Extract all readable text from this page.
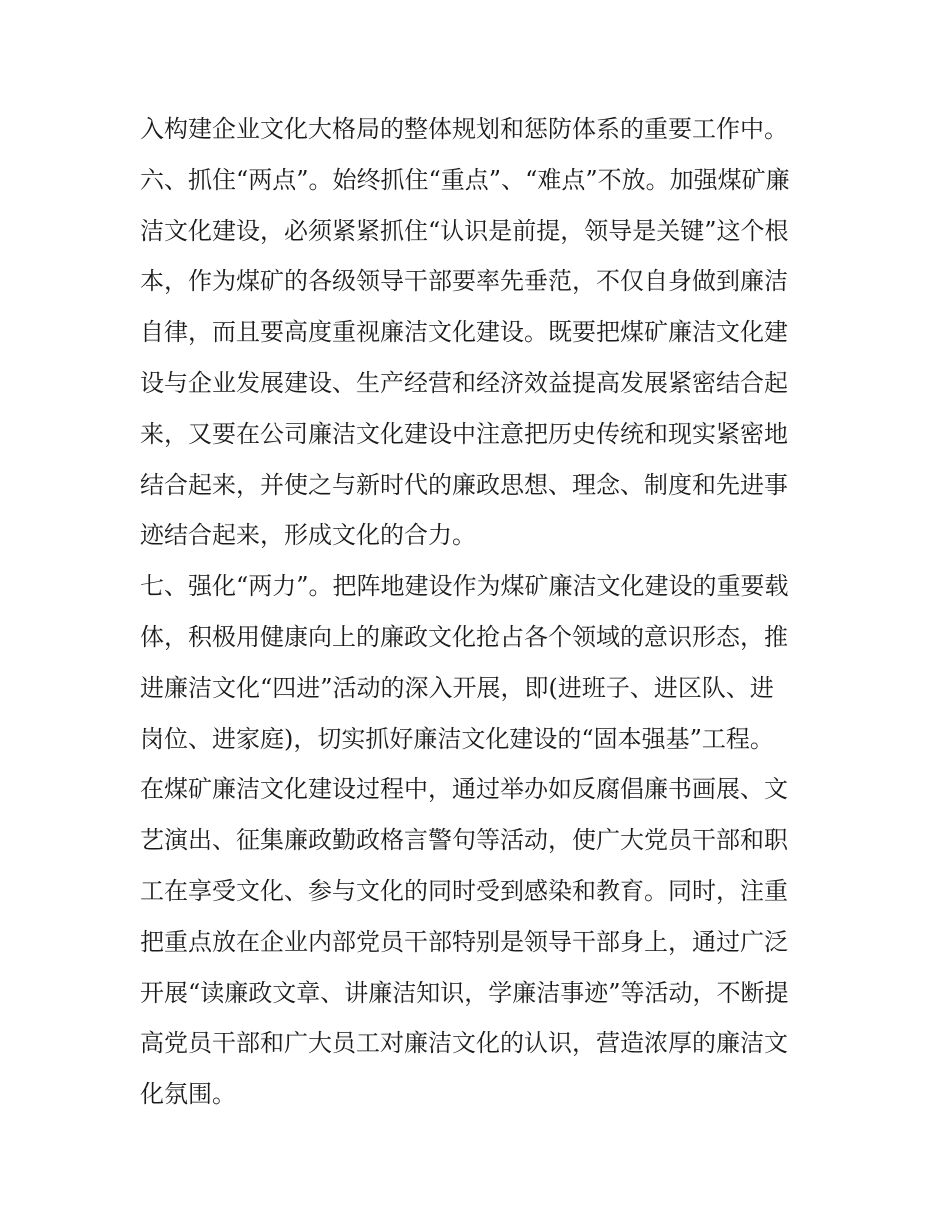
入构建企业文化大格局的整体规划和惩防体系的重要工作中。
六、抓住“两点”。始终抓住“重点”、“难点”不放。加强煤矿廉
洁文化建设，必须紧紧抓住“认识是前提，领导是关键”这个根
本，作为煤矿的各级领导干部要率先垂范，不仅自身做到廉洁
自律，而且要高度重视廉洁文化建设。既要把煤矿廉洁文化建
设与企业发展建设、生产经营和经济效益提高发展紧密结合起
来，又要在公司廉洁文化建设中注意把历史传统和现实紧密地
结合起来，并使之与新时代的廉政思想、理念、制度和先进事
迹结合起来，形成文化的合力。
七、强化“两力”。把阵地建设作为煤矿廉洁文化建设的重要载
体，积极用健康向上的廉政文化抢占各个领域的意识形态，推
进廉洁文化“四进”活动的深入开展，即(进班子、进区队、进
岗位、进家庭)，切实抓好廉洁文化建设的“固本强基”工程。
在煤矿廉洁文化建设过程中，通过举办如反腐倡廉书画展、文
艺演出、征集廉政勤政格言警句等活动，使广大党员干部和职
工在享受文化、参与文化的同时受到感染和教育。同时，注重
把重点放在企业内部党员干部特别是领导干部身上，通过广泛
开展“读廉政文章、讲廉洁知识，学廉洁事迹”等活动，不断提
高党员干部和广大员工对廉洁文化的认识，营造浓厚的廉洁文
化氛围。
